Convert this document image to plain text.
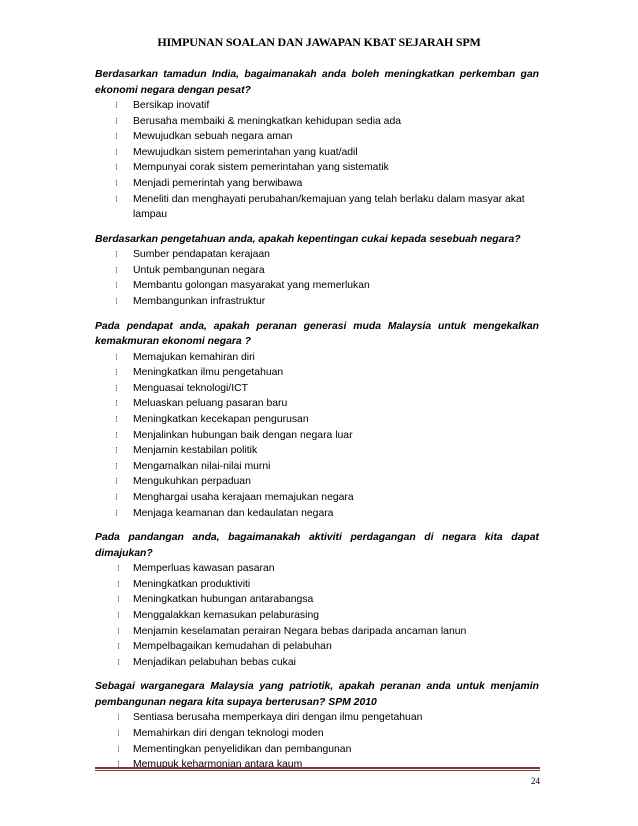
HIMPUNAN SOALAN DAN JAWAPAN KBAT SEJARAH SPM

Berdasarkan tamadun India, bagaimanakah anda boleh meningkatkan perkemban gan ekonomi negara dengan pesat?

⁝ Bersikap inovatif
⁝ Berusaha membaiki & meningkatkan kehidupan sedia ada
⁝ Mewujudkan sebuah negara aman
⁝ Mewujudkan sistem pemerintahan yang kuat/adil
⁝ Mempunyai corak sistem pemerintahan yang sistematik
⁝ Menjadi pemerintah yang berwibawa
⁝ Meneliti dan menghayati perubahan/kemajuan yang telah berlaku dalam masyar akat lampau

Berdasarkan pengetahuan anda, apakah kepentingan cukai kepada sesebuah negara?

⁝ Sumber pendapatan kerajaan
⁝ Untuk pembangunan negara
⁝ Membantu golongan masyarakat yang memerlukan
⁝ Membangunkan infrastruktur

Pada pendapat anda, apakah peranan generasi muda Malaysia untuk mengekalkan kemakmuran ekonomi negara ?

⁝ Memajukan kemahiran diri
⁝ Meningkatkan ilmu pengetahuan
⁝ Menguasai teknologi/ICT
⁝ Meluaskan peluang pasaran baru
⁝ Meningkatkan kecekapan pengurusan
⁝ Menjalinkan hubungan baik dengan negara luar
⁝ Menjamin kestabilan politik
⁝ Mengamalkan nilai-nilai murni
⁝ Mengukuhkan perpaduan
⁝ Menghargai usaha kerajaan memajukan negara
⁝ Menjaga keamanan dan kedaulatan negara

Pada pandangan anda, bagaimanakah aktiviti perdagangan di negara kita dapat dimajukan?

⁝ Memperluas kawasan pasaran
⁝ Meningkatkan produktiviti
⁝ Meningkatkan hubungan antarabangsa
⁝ Menggalakkan kemasukan pelaburasing
⁝ Menjamin keselamatan perairan Negara bebas daripada ancaman lanun
⁝ Mempelbagaikan kemudahan di pelabuhan
⁝ Menjadikan pelabuhan bebas cukai

Sebagai warganegara Malaysia yang patriotik, apakah peranan anda untuk menjamin pembangunan negara kita supaya berterusan? SPM 2010

⁝ Sentiasa berusaha memperkaya diri dengan ilmu pengetahuan
⁝ Memahirkan diri dengan teknologi moden
⁝ Mementingkan penyelidikan dan pembangunan
⁝ Memupuk keharmonian antara kaum
24
